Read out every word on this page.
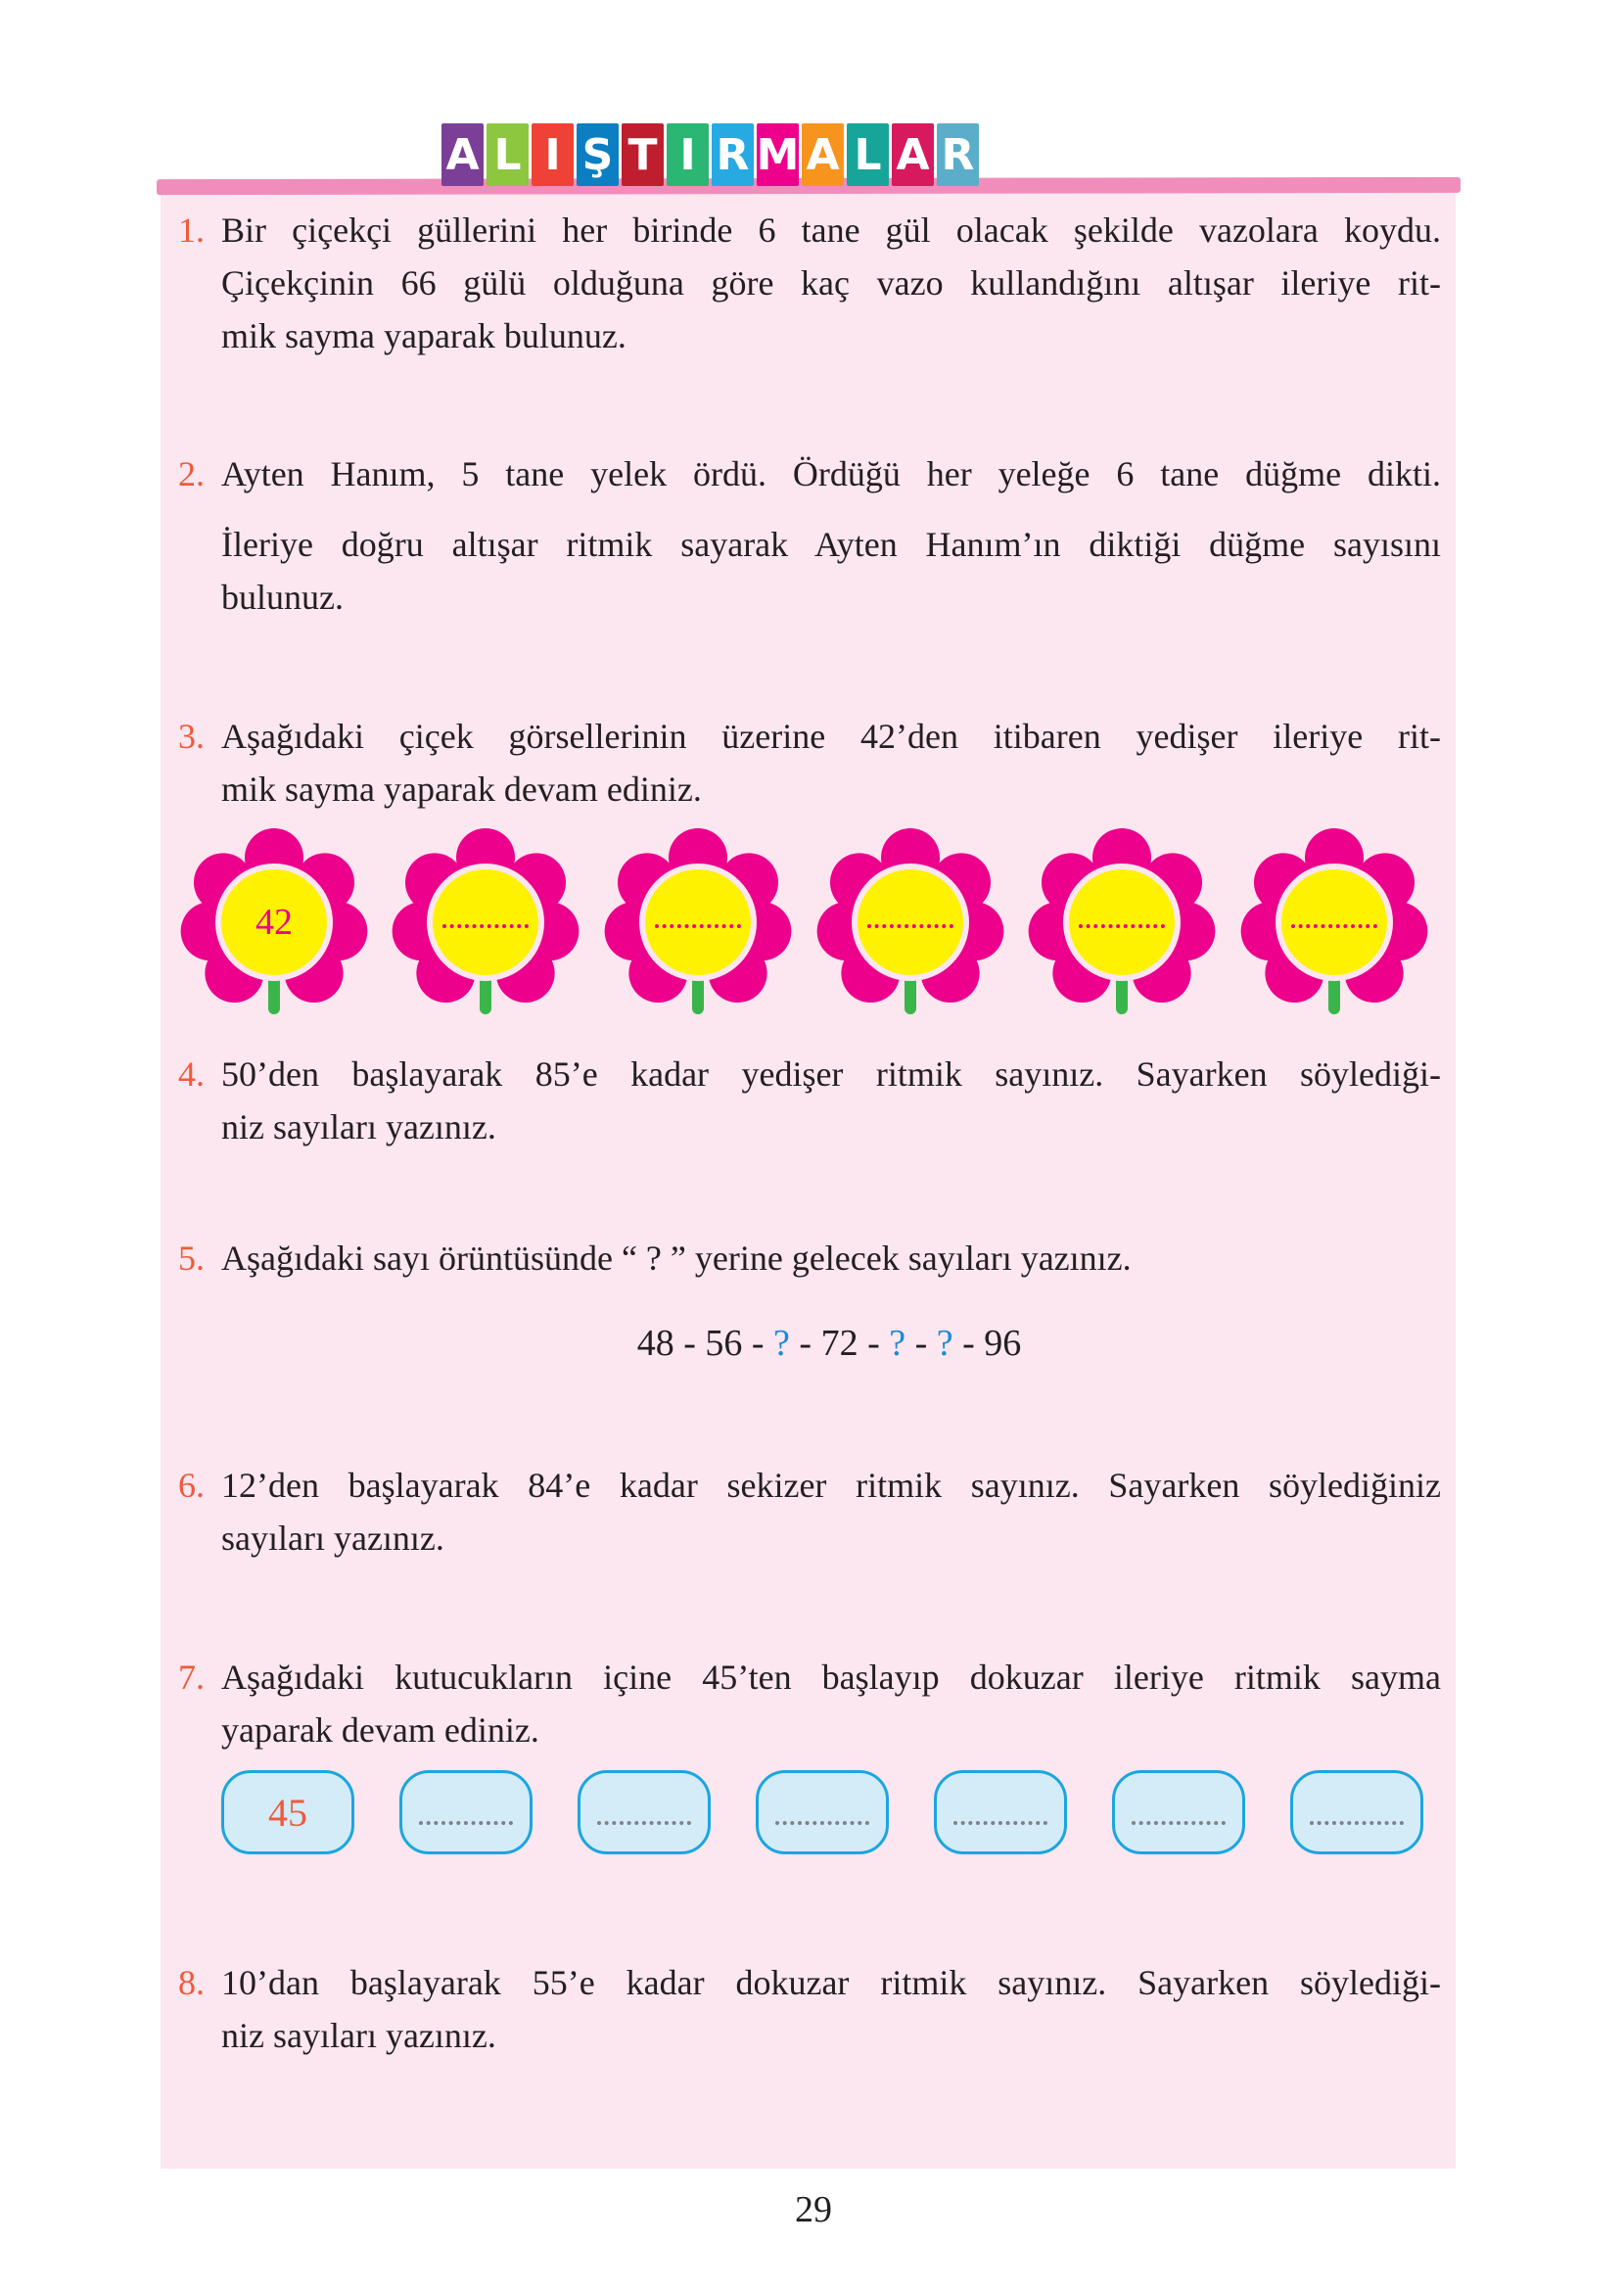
A L I Ş T I R M A L A R
1. Bir çiçekçi güllerini her birinde 6 tane gül olacak şekilde vazolara koydu.
Çiçekçinin 66 gülü olduğuna göre kaç vazo kullandığını altışar ileriye rit-
mik sayma yaparak bulunuz.
2. Ayten Hanım, 5 tane yelek ördü. Ördüğü her yeleğe 6 tane düğme dikti.
İleriye doğru altışar ritmik sayarak Ayten Hanım’ın diktiği düğme sayısını
bulunuz.
3. Aşağıdaki çiçek görsellerinin üzerine 42’den itibaren yedişer ileriye rit-
mik sayma yaparak devam ediniz.
4. 50’den başlayarak 85’e kadar yedişer ritmik sayınız. Sayarken söylediği-
niz sayıları yazınız.
5. Aşağıdaki sayı örüntüsünde “ ? ” yerine gelecek sayıları yazınız.
6. 12’den başlayarak 84’e kadar sekizer ritmik sayınız. Sayarken söylediğiniz
sayıları yazınız.
7. Aşağıdaki kutucukların içine 45’ten başlayıp dokuzar ileriye ritmik sayma
yaparak devam ediniz.
8. 10’dan başlayarak 55’e kadar dokuzar ritmik sayınız. Sayarken söylediği-
niz sayıları yazınız.
42
48 - 56 - ? - 72 - ? - ? - 96
45
29
